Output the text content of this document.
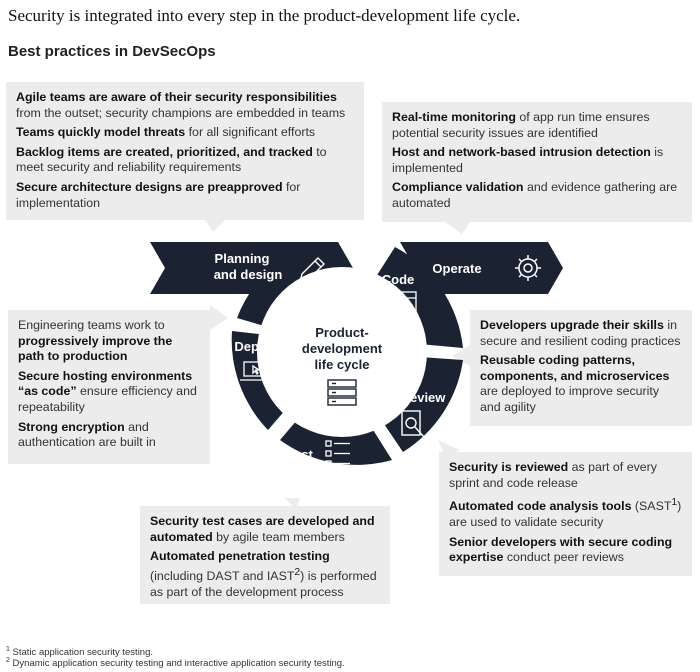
Security is integrated into every step in the product-development life cycle.
Best practices in DevSecOps
Product-
development
life cycle
Planning
and design	Operate
Code
Review
Test
Deploy

Agile teams are aware of their security responsibilities from the outset; security champions are embedded in teams

Teams quickly model threats for all significant efforts

Backlog items are created, prioritized, and tracked to meet security and reliability requirements

Secure architecture designs are preapproved for implementation

Real-time monitoring of app run time ensures potential security issues are identified

Host and network-based intrusion detection is implemented

Compliance validation and evidence gathering are automated

Engineering teams work to progressively improve the path to production

Secure hosting environments “as code” ensure efficiency and repeatability

Strong encryption and authentication are built in

Developers upgrade their skills in secure and resilient coding practices

Reusable coding patterns, components, and microservices are deployed to improve security and agility

Security is reviewed as part of every sprint and code release

Automated code analysis tools (SAST$^1$) are used to validate security

Senior developers with secure coding expertise conduct peer reviews

Security test cases are developed and automated by agile team members

Automated penetration testing (including DAST and IAST$^2$) is performed as part of the development process

$^1$ Static application security testing.
$^2$ Dynamic application security testing and interactive application security testing.
